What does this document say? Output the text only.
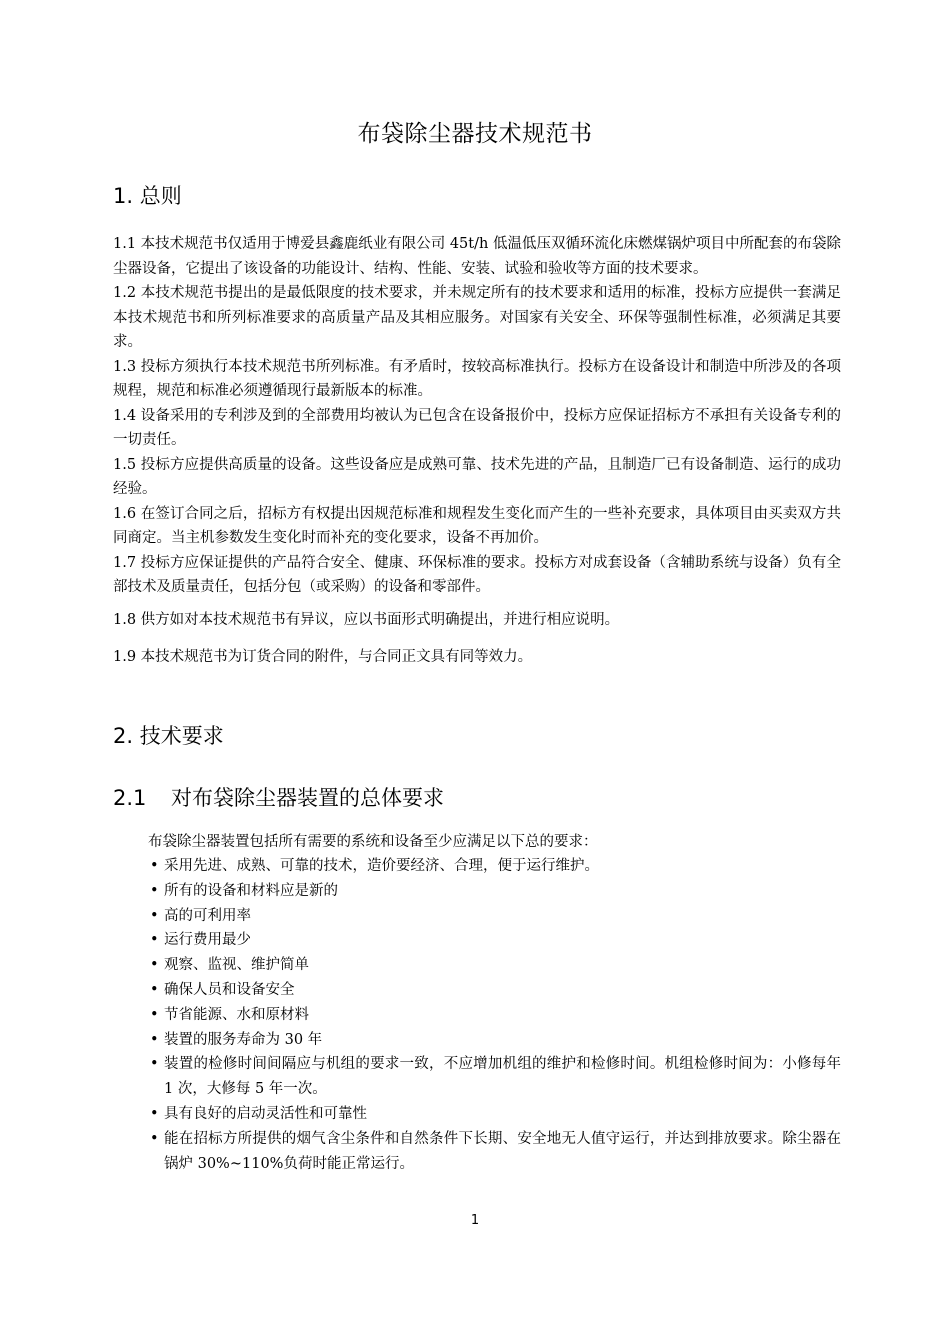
布袋除尘器技术规范书
1. 总则

1.1 本技术规范书仅适用于博爱县鑫鹿纸业有限公司 45t/h 低温低压双循环流化床燃煤锅炉项目中所配套的布袋除尘器设备，它提出了该设备的功能设计、结构、性能、安装、试验和验收等方面的技术要求。

1.2 本技术规范书提出的是最低限度的技术要求，并未规定所有的技术要求和适用的标准，投标方应提供一套满足本技术规范书和所列标准要求的高质量产品及其相应服务。对国家有关安全、环保等强制性标准，必须满足其要求。

1.3 投标方须执行本技术规范书所列标准。有矛盾时，按较高标准执行。投标方在设备设计和制造中所涉及的各项规程，规范和标准必须遵循现行最新版本的标准。

1.4 设备采用的专利涉及到的全部费用均被认为已包含在设备报价中，投标方应保证招标方不承担有关设备专利的一切责任。

1.5 投标方应提供高质量的设备。这些设备应是成熟可靠、技术先进的产品，且制造厂已有设备制造、运行的成功经验。

1.6 在签订合同之后，招标方有权提出因规范标准和规程发生变化而产生的一些补充要求，具体项目由买卖双方共同商定。当主机参数发生变化时而补充的变化要求，设备不再加价。

1.7 投标方应保证提供的产品符合安全、健康、环保标准的要求。投标方对成套设备（含辅助系统与设备）负有全部技术及质量责任，包括分包（或采购）的设备和零部件。

1.8 供方如对本技术规范书有异议，应以书面形式明确提出，并进行相应说明。

1.9 本技术规范书为订货合同的附件，与合同正文具有同等效力。

2. 技术要求
2.1 对布袋除尘器装置的总体要求

布袋除尘器装置包括所有需要的系统和设备至少应满足以下总的要求：

• 采用先进、成熟、可靠的技术，造价要经济、合理，便于运行维护。
• 所有的设备和材料应是新的
• 高的可利用率
• 运行费用最少
• 观察、监视、维护简单
• 确保人员和设备安全
• 节省能源、水和原材料
• 装置的服务寿命为 30 年
• 装置的检修时间间隔应与机组的要求一致，不应增加机组的维护和检修时间。机组检修时间为：小修每年 1 次，大修每 5 年一次。
• 具有良好的启动灵活性和可靠性
• 能在招标方所提供的烟气含尘条件和自然条件下长期、安全地无人值守运行，并达到排放要求。除尘器在锅炉 30%~110%负荷时能正常运行。
1
